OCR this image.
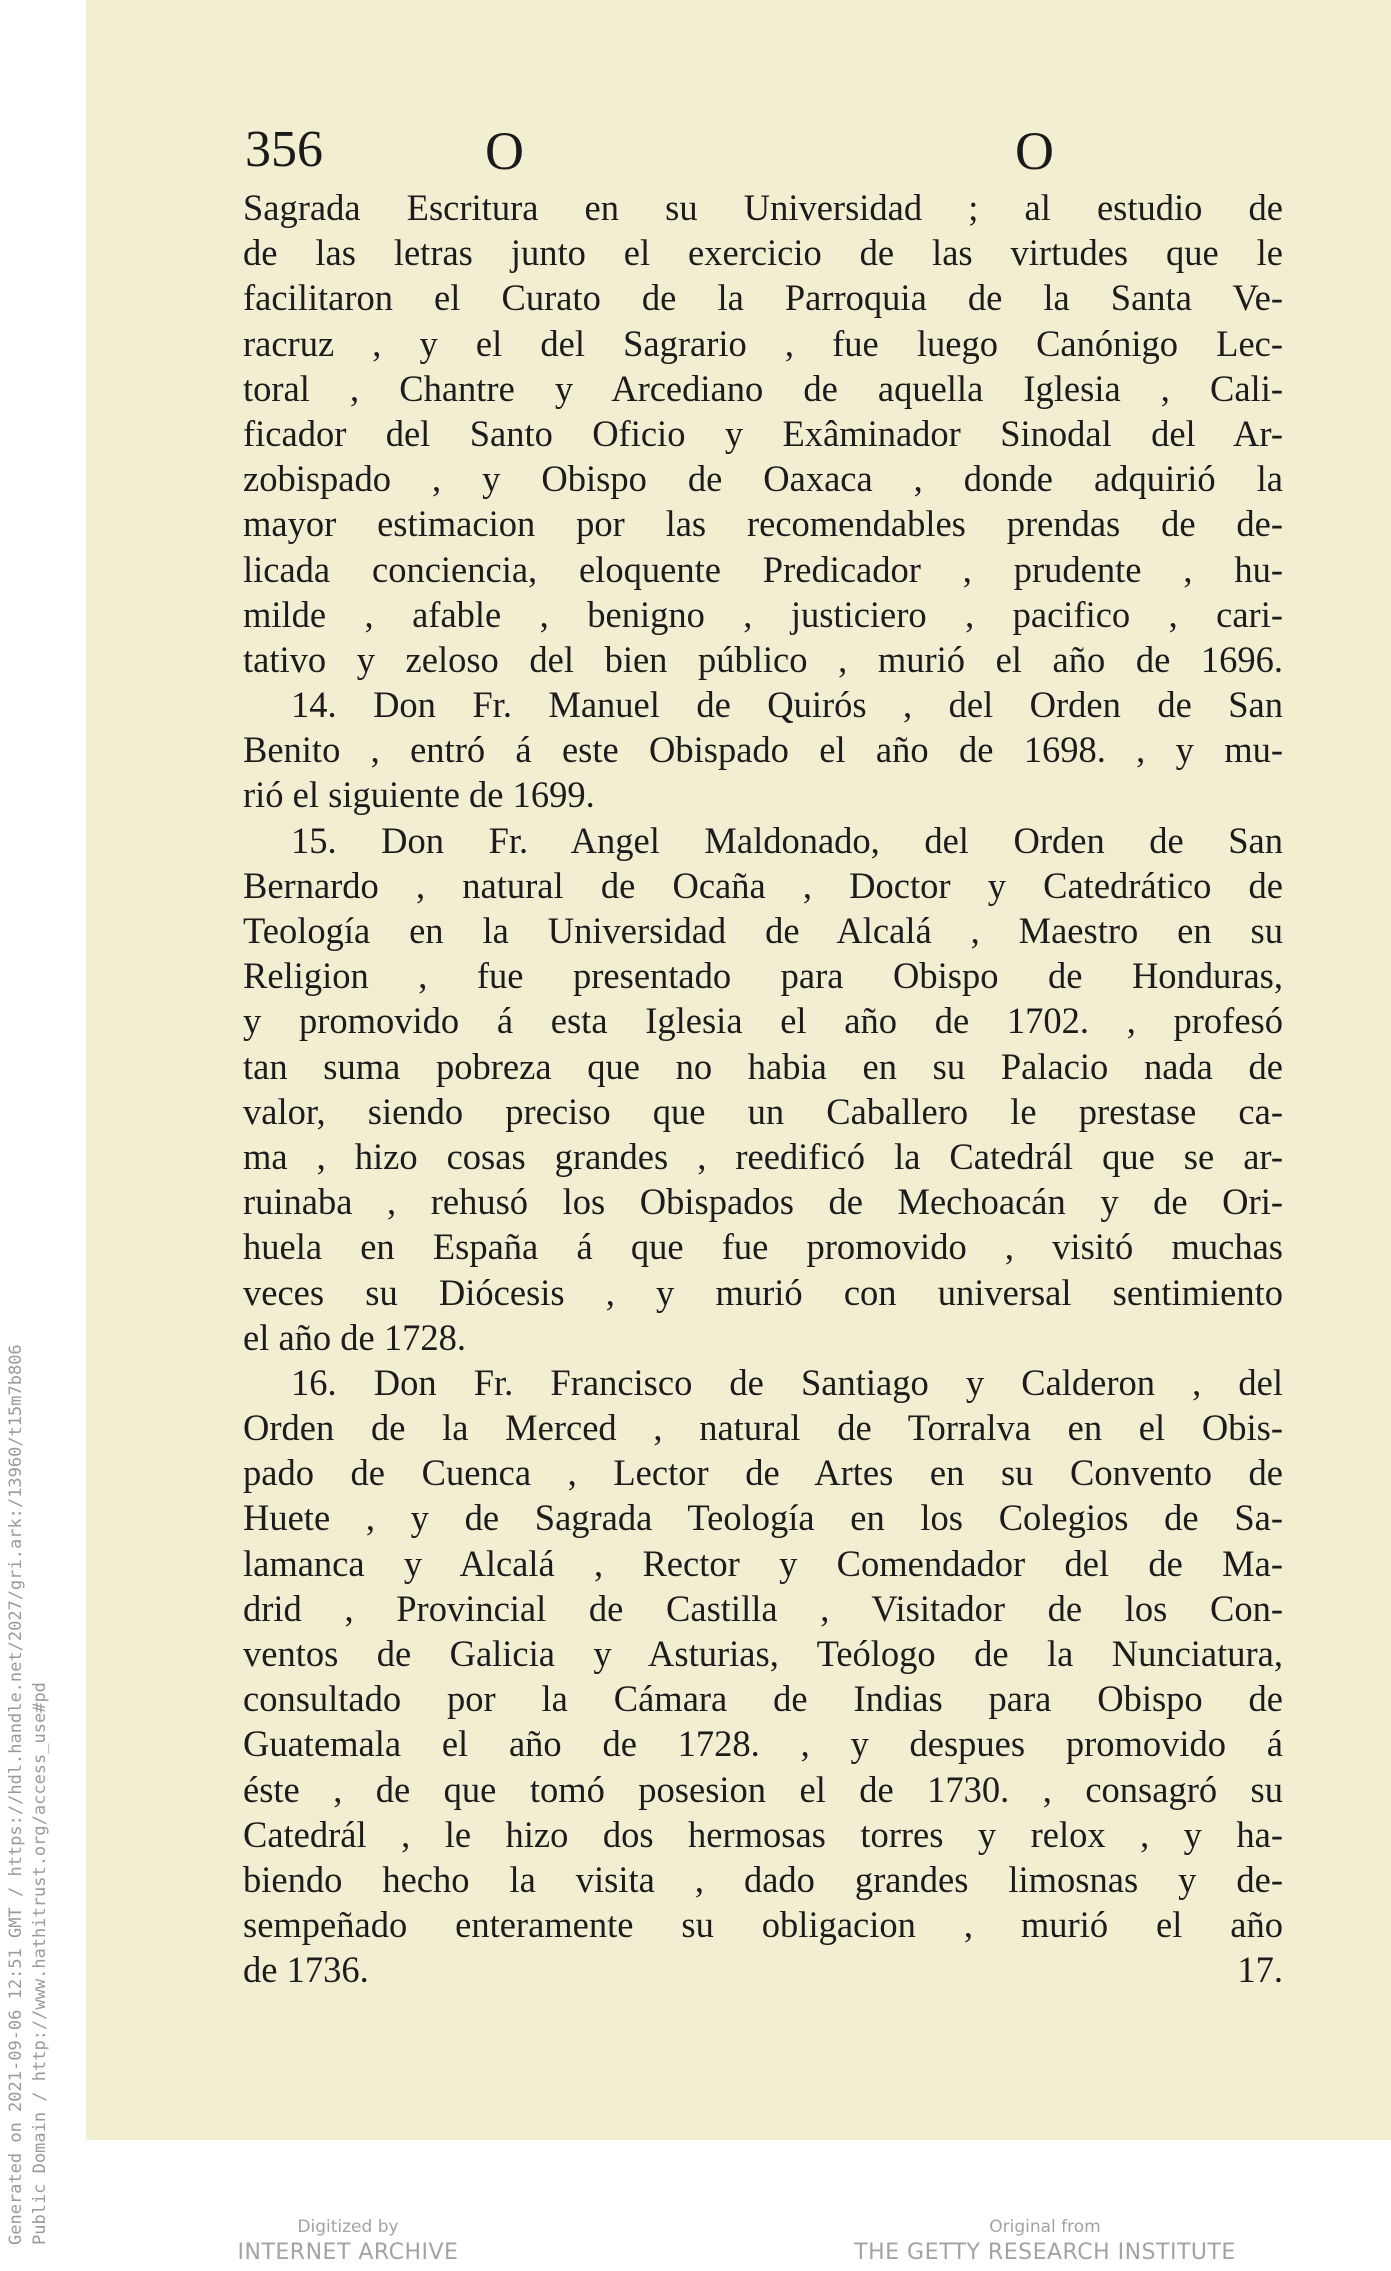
356	O	O
Sagrada Escritura en su Universidad ; al estudio de
de las letras junto el exercicio de las virtudes que le
facilitaron el Curato de la Parroquia de la Santa Ve-
racruz , y el del Sagrario , fue luego Canónigo Lec-
toral , Chantre y Arcediano de aquella Iglesia , Cali-
ficador del Santo Oficio y Exâminador Sinodal del Ar-
zobispado , y Obispo de Oaxaca , donde adquirió la
mayor estimacion por las recomendables prendas de de-
licada conciencia, eloquente Predicador , prudente , hu-
milde , afable , benigno , justiciero , pacifico , cari-
tativo y zeloso del bien público , murió el año de 1696.
14. Don Fr. Manuel de Quirós , del Orden de San
Benito , entró á este Obispado el año de 1698. , y mu-
rió el siguiente de 1699.
15. Don Fr. Angel Maldonado, del Orden de San
Bernardo , natural de Ocaña , Doctor y Catedrático de
Teología en la Universidad de Alcalá , Maestro en su
Religion , fue presentado para Obispo de Honduras,
y promovido á esta Iglesia el año de 1702. , profesó
tan suma pobreza que no habia en su Palacio nada de
valor, siendo preciso que un Caballero le prestase ca-
ma , hizo cosas grandes , reedificó la Catedrál que se ar-
ruinaba , rehusó los Obispados de Mechoacán y de Ori-
huela en España á que fue promovido , visitó muchas
veces su Diócesis , y murió con universal sentimiento
el año de 1728.
16. Don Fr. Francisco de Santiago y Calderon , del
Orden de la Merced , natural de Torralva en el Obis-
pado de Cuenca , Lector de Artes en su Convento de
Huete , y de Sagrada Teología en los Colegios de Sa-
lamanca y Alcalá , Rector y Comendador del de Ma-
drid , Provincial de Castilla , Visitador de los Con-
ventos de Galicia y Asturias, Teólogo de la Nunciatura,
consultado por la Cámara de Indias para Obispo de
Guatemala el año de 1728. , y despues promovido á
éste , de que tomó posesion el de 1730. , consagró su
Catedrál , le hizo dos hermosas torres y relox , y ha-
biendo hecho la visita , dado grandes limosnas y de-
sempeñado enteramente su obligacion , murió el año
de 1736.	17.
Generated on 2021-09-06 12:51 GMT / https://hdl.handle.net/2027/gri.ark:/13960/t15m7b806 Public Domain / http://www.hathitrust.org/access_use#pd	Digitized by
INTERNET ARCHIVE
Original from
THE GETTY RESEARCH INSTITUTE
